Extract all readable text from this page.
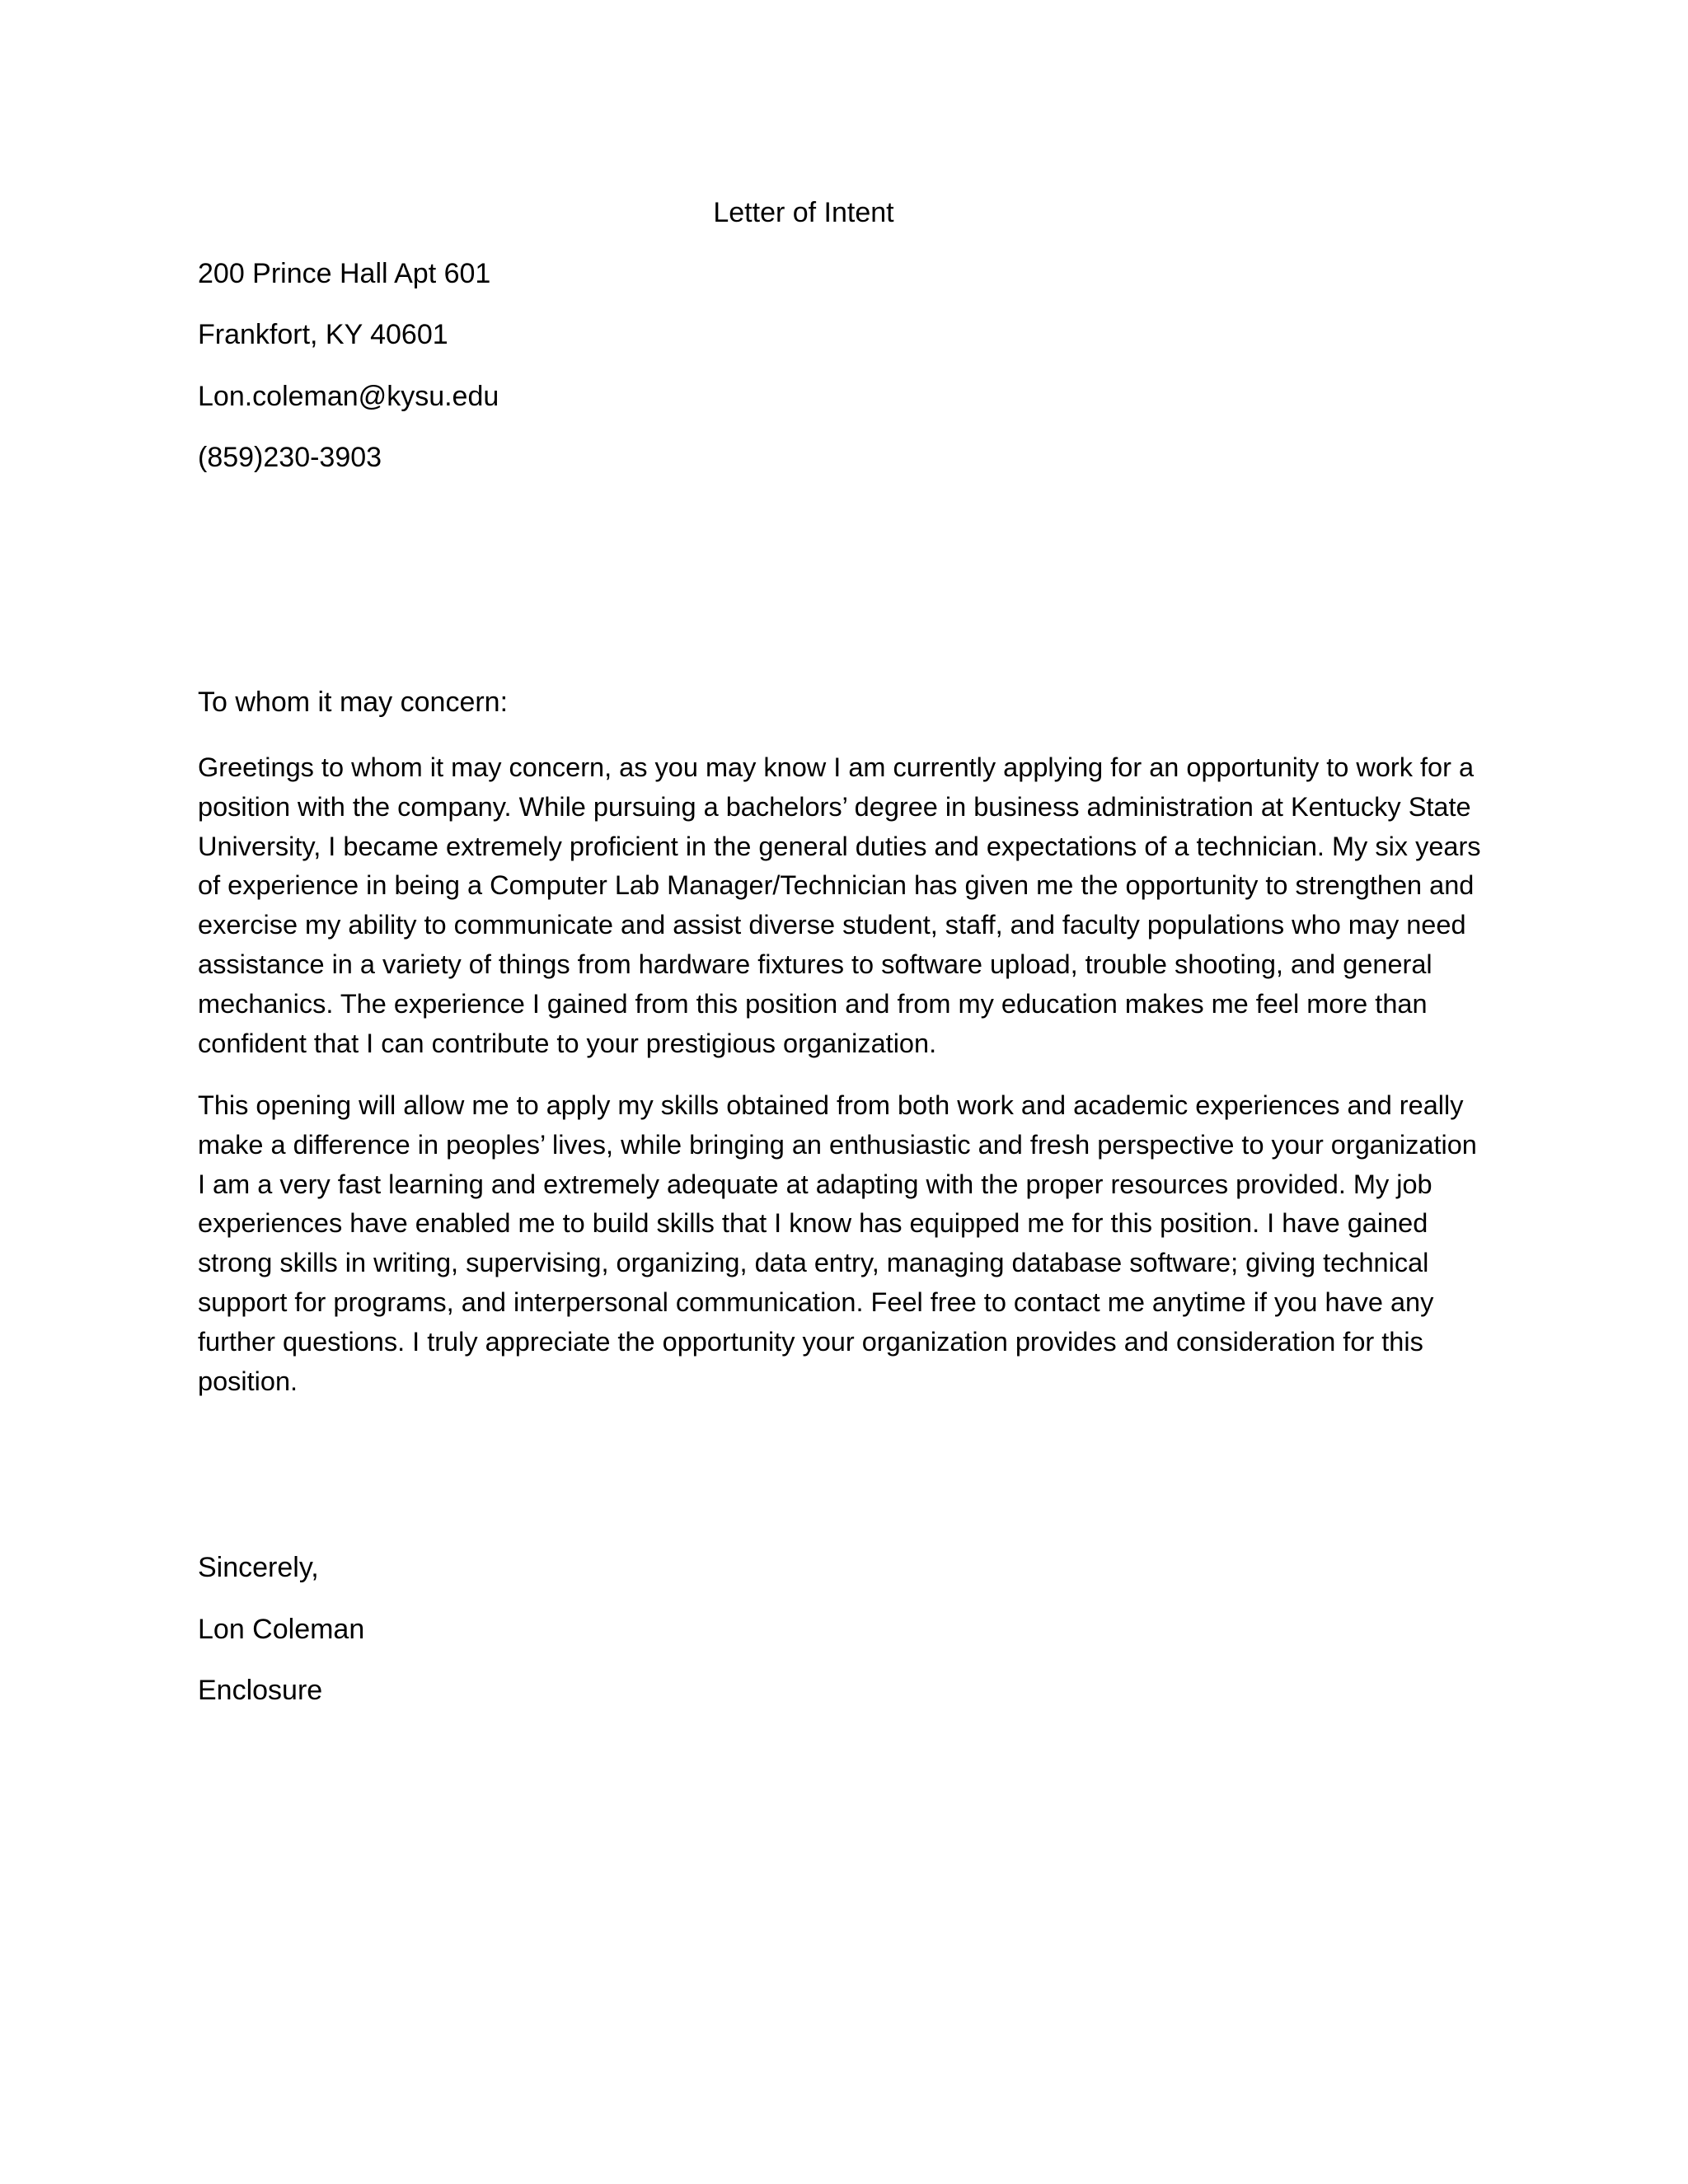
Letter of Intent

200 Prince Hall Apt 601

Frankfort, KY 40601

Lon.coleman@kysu.edu

(859)230-3903

To whom it may concern:

Greetings to whom it may concern, as you may know I am currently applying for an opportunity to work for a position with the company. While pursuing a bachelors’ degree in business administration at Kentucky State University, I became extremely proficient in the general duties and expectations of a technician. My six years of experience in being a Computer Lab Manager/Technician has given me the opportunity to strengthen and exercise my ability to communicate and assist diverse student, staff, and faculty populations who may need assistance in a variety of things from hardware fixtures to software upload, trouble shooting, and general mechanics. The experience I gained from this position and from my education makes me feel more than confident that I can contribute to your prestigious organization.

This opening will allow me to apply my skills obtained from both work and academic experiences and really make a difference in peoples’ lives, while bringing an enthusiastic and fresh perspective to your organization I am a very fast learning and extremely adequate at adapting with the proper resources provided. My job experiences have enabled me to build skills that I know has equipped me for this position. I have gained strong skills in writing, supervising, organizing, data entry, managing database software; giving technical support for programs, and interpersonal communication. Feel free to contact me anytime if you have any further questions. I truly appreciate the opportunity your organization provides and consideration for this position.

Sincerely,

Lon Coleman

Enclosure
